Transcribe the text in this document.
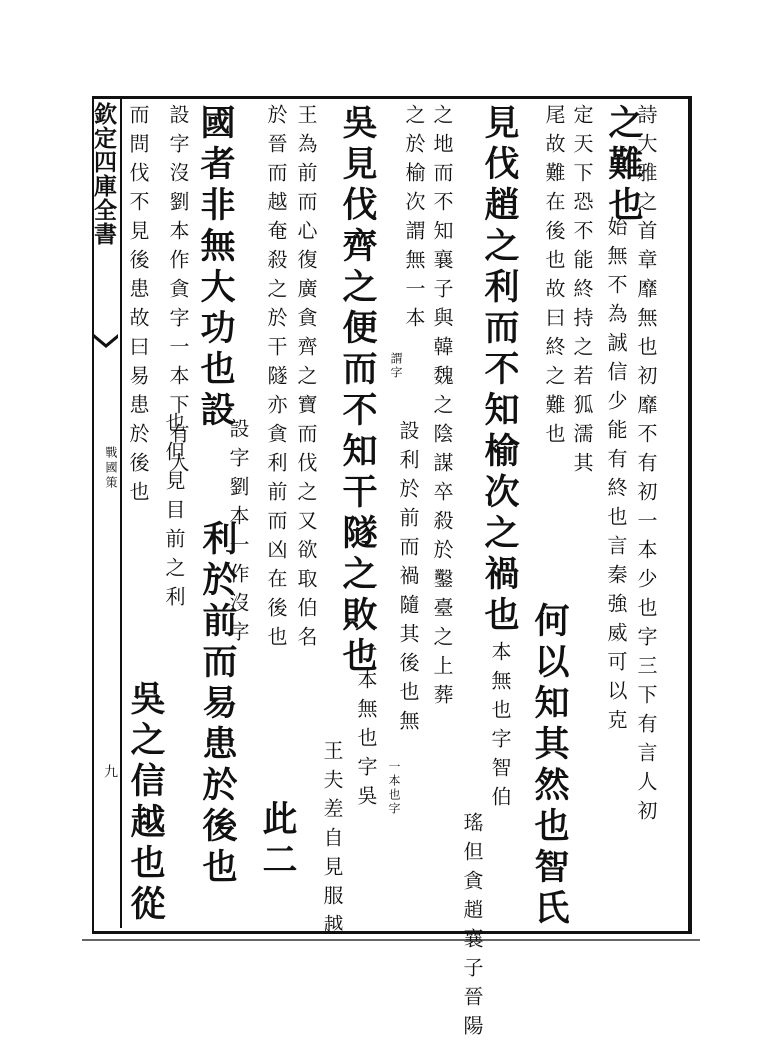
欽定四庫全書
戰國策
九
之難也
詩大雅之首章靡無也初靡不有初一本少也字三下有言人初
始無不為誠信少能有終也言秦強威可以克
定天下恐不能終持之若狐濡其
尾故難在後也故曰終之難也
何以知其然也智氏
見伐趙之利而不知榆次之禍也
一本無也字智伯
瑤但貪趙襄子晉陽
之地而不知襄子與韓魏之陰謀卒殺於鑿臺之上葬
之於榆次謂無一本
謂字
設利於前而禍隨其後也無
一本也字
吳見伐齊之便而不知干隧之敗也
一本無也字吳
王夫差自見服越
王為前而心復廣貪齊之寶而伐之又欲取伯名
於晉而越奄殺之於干隧亦貪利前而凶在後也
此二
國者非無大功也設
利於前而易患於後也
設字劉本一作沒字
設字沒劉本作貪字一本下有人
也但見目前之利
而問伐不見後患故曰易患於後也
吳之信越也從
